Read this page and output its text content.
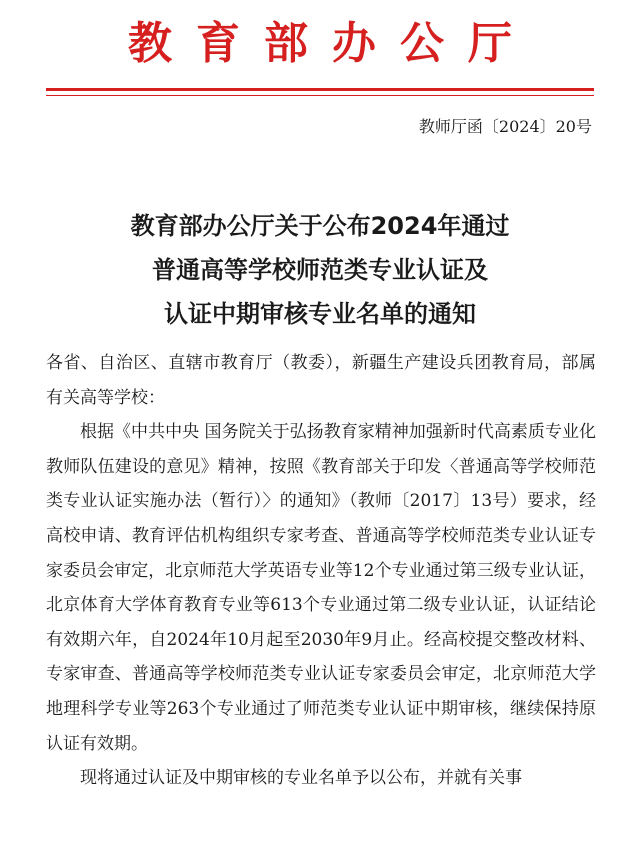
教育部办公厅
教师厅函〔2024〕20号
教育部办公厅关于公布2024年通过
普通高等学校师范类专业认证及
认证中期审核专业名单的通知

各省、自治区、直辖市教育厅（教委），新疆生产建设兵团教育局，部属有关高等学校：

根据《中共中央 国务院关于弘扬教育家精神加强新时代高素质专业化教师队伍建设的意见》精神，按照《教育部关于印发〈普通高等学校师范类专业认证实施办法（暂行）〉的通知》（教师〔2017〕13号）要求，经高校申请、教育评估机构组织专家考查、普通高等学校师范类专业认证专家委员会审定，北京师范大学英语专业等12个专业通过第三级专业认证，北京体育大学体育教育专业等613个专业通过第二级专业认证，认证结论有效期六年，自2024年10月起至2030年9月止。经高校提交整改材料、专家审查、普通高等学校师范类专业认证专家委员会审定，北京师范大学地理科学专业等263个专业通过了师范类专业认证中期审核，继续保持原认证有效期。

现将通过认证及中期审核的专业名单予以公布，并就有关事
